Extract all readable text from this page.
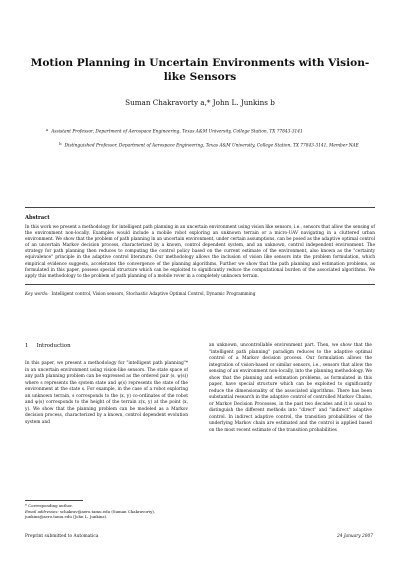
Motion Planning in Uncertain Environments with Vision-like Sensors
Suman Chakravorty a,* John L. Junkins b
$^a$ Assistant Professor, Department of Aerospace Engineering, Texas A&M University, College Station, TX 77843-3141
$^b$ Distinguished Professor, Department of Aerospace Engineering, Texas A&M University, College Station, TX 77843-3141, Member NAE
Abstract
In this work we present a methodology for intelligent path planning in an uncertain environment using vision like sensors, i.e., sensors that allow the sensing of the environment non-locally. Examples would include a mobile robot exploring an unknown terrain or a micro-UAV navigating in a cluttered urban environment. We show that the problem of path planning in an uncertain environment, under certain assumptions, can be posed as the adaptive optimal control of an uncertain Markov decision process, characterized by a known, control dependent system, and an unknown, control independent environment. The strategy for path planning then reduces to computing the control policy based on the current estimate of the environment, also known as the "certainty equivalence" principle in the adaptive control literature. Our methodology allows the inclusion of vision like sensors into the problem formulation, which empirical evidence suggests, accelerates the convergence of the planning algorithms. Further we show that the path planning and estimation problems, as formulated in this paper, possess special structure which can be exploited to significantly reduce the computational burden of the associated algorithms. We apply this methodology to the problem of path planning of a mobile rover in a completely unknown terrain.
Key words: Intelligent control, Vision sensors, Stochastic Adaptive Optimal Control, Dynamic Programming
1 Introduction
In this paper, we present a methodology for "intelligent path planning"* in an uncertain environment using vision-like sensors. The state space of any path planning problem can be expressed as the ordered pair (s, ψ(s)) where s represents the system state and ψ(s) represents the state of the environment at the state s. For example, in the case of a robot exploring an unknown terrain, s corresponds to the (x, y) co-ordinates of the robot and ψ(s) corresponds to the height of the terrain z(x, y) at the point (x, y). We show that the planning problem can be modeled as a Markov decision process, characterized by a known, control dependent evolution system and
an unknown, uncontrollable environment part. Then, we show that the "intelligent path planning" paradigm reduces to the adaptive optimal control of a Markov decision process. Our formulation allows the integration of vision-based or similar sensors, i.e., sensors that allow the sensing of an environment non-locally, into the planning methodology. We show that the planning and estimation problems, as formulated in this paper, have special structure which can be exploited to significantly reduce the dimensionality of the associated algorithms. There has been substantial research in the adaptive control of controlled Markov Chains, or Markov Decision Processes, in the past two decades and it is usual to distinguish the different methods into "direct" and "indirect" adaptive control. In indirect adaptive control, the transition probabilities of the underlying Markov chain are estimated and the control is applied based on the most recent estimate of the transition probabilities
* Corresponding author.
Email addresses: schakrav@aero.tamu.edu (Suman Chakravorty), junkins@aero.tamu.edu (John L. Junkins).
Preprint submitted to Automatica	24 January 2007
